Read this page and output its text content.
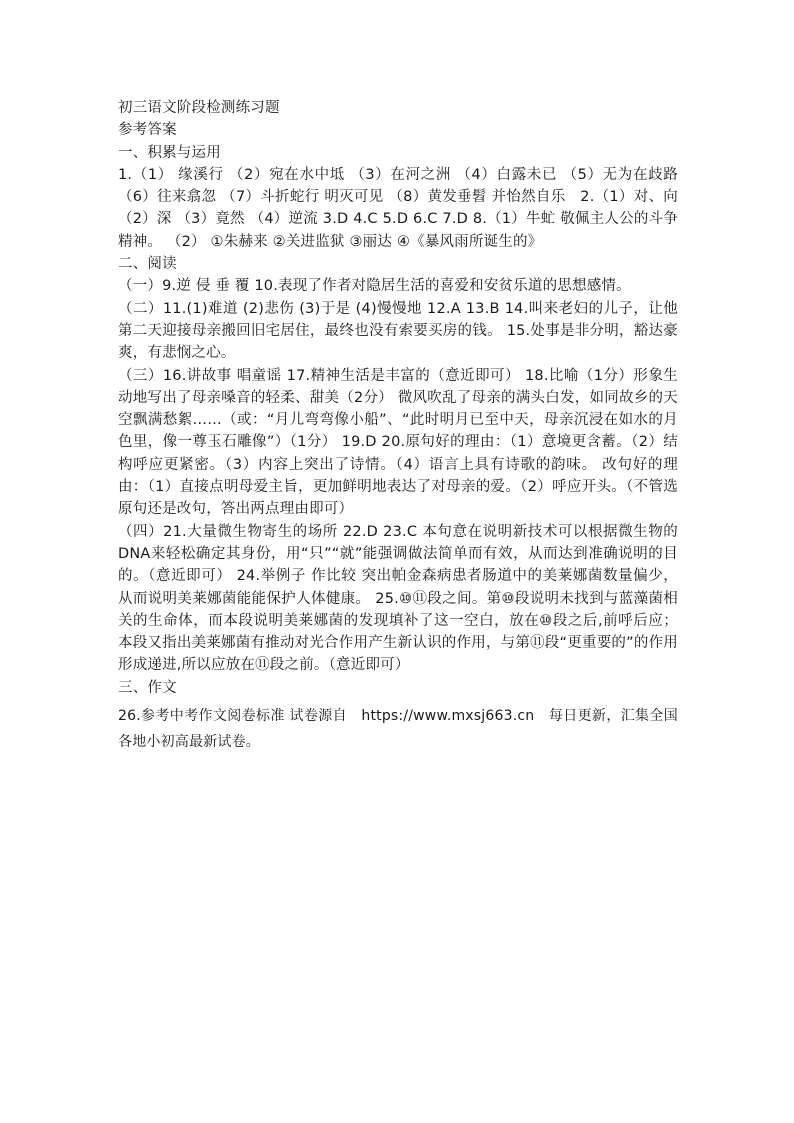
初三语文阶段检测练习题

参考答案

一、积累与运用

1.（1） 缘溪行 （2）宛在水中坻 （3）在河之洲 （4）白露未已 （5）无为在歧路 （6）往来翕忽 （7）斗折蛇行 明灭可见 （8）黄发垂髫 并怡然自乐　2.（1）对、向 （2）深 （3）竟然 （4）逆流 3.D 4.C 5.D 6.C 7.D 8.（1）牛虻 敬佩主人公的斗争精神。 （2） ①朱赫来 ②关进监狱 ③丽达 ④《暴风雨所诞生的》

二、阅读

（一）9.逆 侵 垂 覆 10.表现了作者对隐居生活的喜爱和安贫乐道的思想感情。

（二）11.(1)难道 (2)悲伤 (3)于是 (4)慢慢地 12.A 13.B 14.叫来老妇的儿子，让他第二天迎接母亲搬回旧宅居住，最终也没有索要买房的钱。 15.处事是非分明，豁达豪爽，有悲悯之心。

（三）16.讲故事 唱童谣 17.精神生活是丰富的（意近即可） 18.比喻（1分）形象生动地写出了母亲嗓音的轻柔、甜美（2分） 微风吹乱了母亲的满头白发，如同故乡的天空飘满愁絮……（或：“月儿弯弯像小船”、“此时明月已至中天，母亲沉浸在如水的月色里，像一尊玉石雕像”）（1分） 19.D 20.原句好的理由：（1）意境更含蓄。（2）结构呼应更紧密。（3）内容上突出了诗情。（4）语言上具有诗歌的韵味。 改句好的理由：（1）直接点明母爱主旨，更加鲜明地表达了对母亲的爱。（2）呼应开头。（不管选原句还是改句，答出两点理由即可）

（四）21.大量微生物寄生的场所 22.D 23.C 本句意在说明新技术可以根据微生物的DNA来轻松确定其身份，用“只”“就”能强调做法简单而有效，从而达到准确说明的目的。（意近即可） 24.举例子 作比较 突出帕金森病患者肠道中的美莱娜菌数量偏少，从而说明美莱娜菌能能保护人体健康。 25.⑩⑪段之间。第⑩段说明未找到与蓝藻菌相关的生命体，而本段说明美莱娜菌的发现填补了这一空白，放在⑩段之后,前呼后应；本段又指出美莱娜菌有推动对光合作用产生新认识的作用，与第⑪段“更重要的”的作用形成递进,所以应放在⑪段之前。（意近即可）

三、作文

26.参考中考作文阅卷标准 试卷源自　https://www.mxsj663.cn　每日更新，汇集全国各地小初高最新试卷。
